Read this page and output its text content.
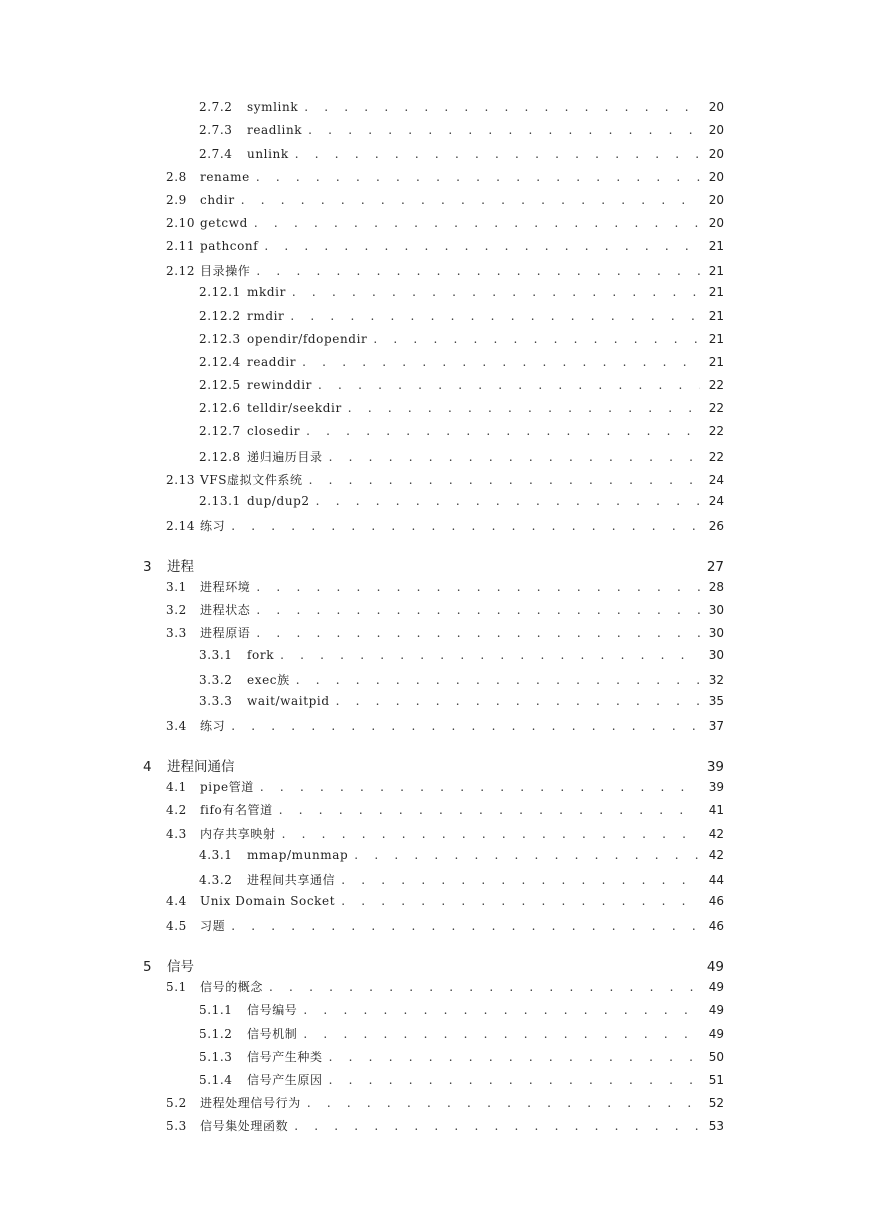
2.7.2	symlink . . .	20
2.7.3	readlink . . .	20
2.7.4	unlink . . .	20
2.8	rename . . .	20
2.9	chdir . . .	20
2.10 getcwd . . .	20
2.11 pathconf . . .	21
2.12 目录操作 . . .	21
2.12.1 mkdir . . .	21
2.12.2 rmdir . . .	21
2.12.3 opendir/fdopendir . . .	21
2.12.4 readdir . . .	21
2.12.5 rewinddir . . .	22
2.12.6 telldir/seekdir . . .	22
2.12.7 closedir . . .	22
2.12.8 递归遍历目录 . . .	22
2.13 VFS虚拟文件系统 . . .	24
2.13.1 dup/dup2 . . .	24
2.14 练习 . . .	26
3	进程	27
3.1	进程环境 . . .	28
3.2	进程状态 . . .	30
3.3	进程原语 . . .	30
3.3.1	fork . . .	30
3.3.2	exec族 . . .	32
3.3.3	wait/waitpid . . .	35
3.4	练习 . . .	37
4	进程间通信	39
4.1	pipe管道 . . .	39
4.2	fifo有名管道 . . .	41
4.3	内存共享映射 . . .	42
4.3.1	mmap/munmap . . .	42
4.3.2	进程间共享通信 . . .	44
4.4	Unix Domain Socket . . .	46
4.5	习题 . . .	46
5	信号	49
5.1	信号的概念 . . .	49
5.1.1	信号编号 . . .	49
5.1.2	信号机制 . . .	49
5.1.3	信号产生种类 . . .	50
5.1.4	信号产生原因 . . .	51
5.2	进程处理信号行为 . . .	52
5.3	信号集处理函数 . . .	53
